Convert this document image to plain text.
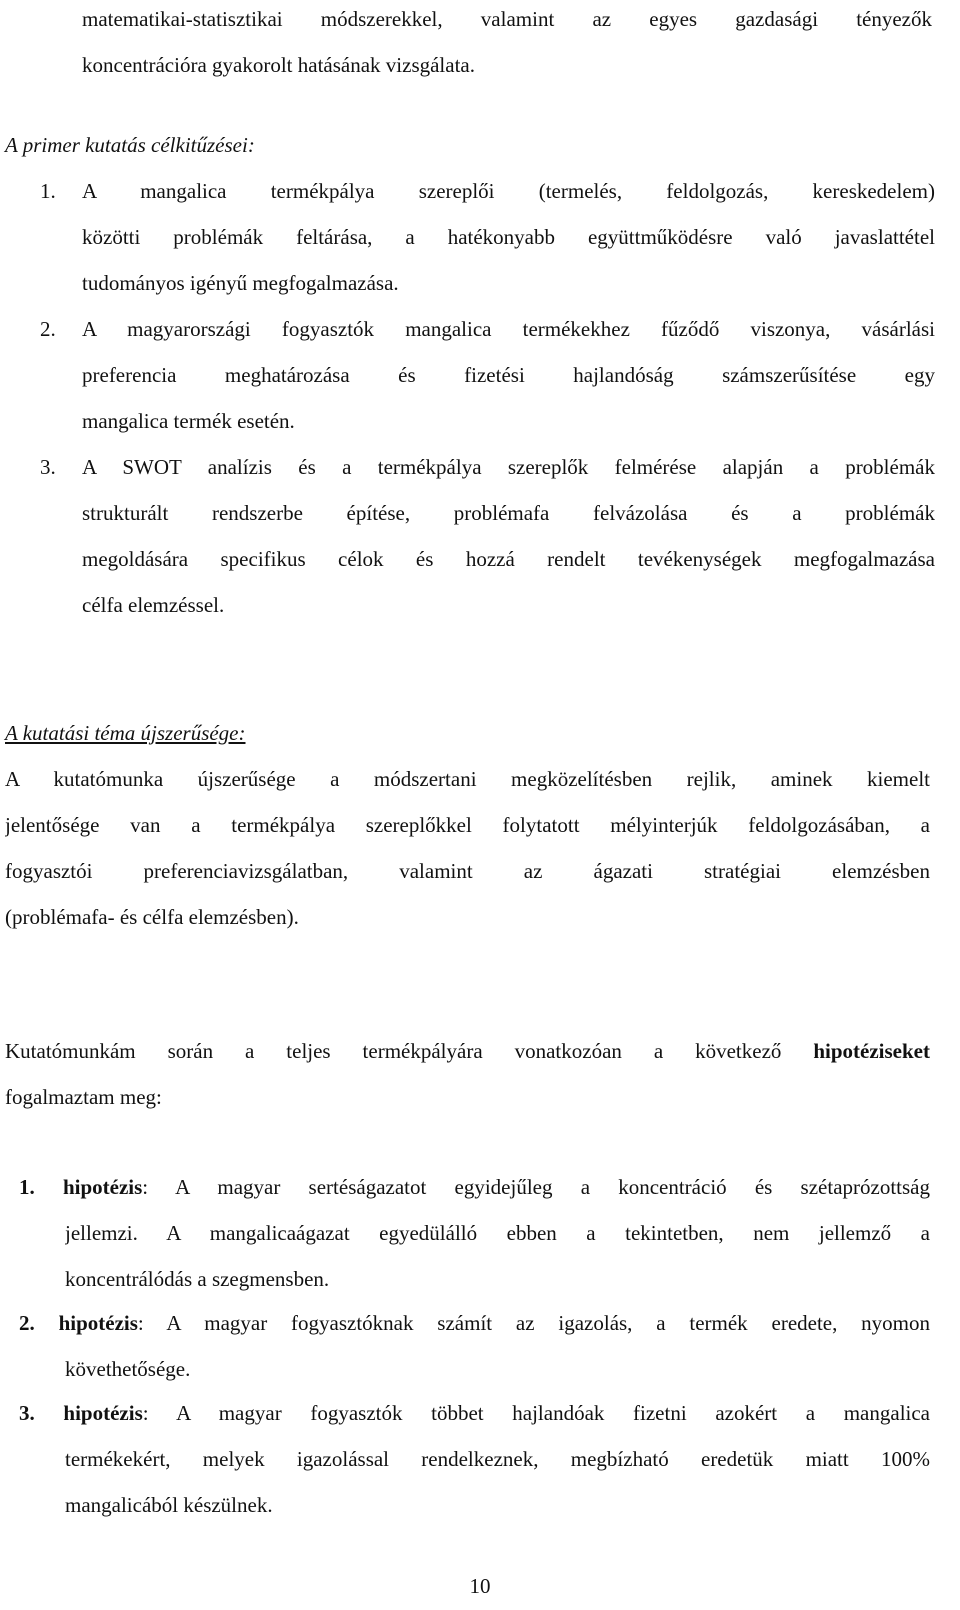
matematikai-statisztikai módszerekkel, valamint az egyes gazdasági tényezők
koncentrációra gyakorolt hatásának vizsgálata.
A primer kutatás célkitűzései:
1. A mangalica termékpálya szereplői (termelés, feldolgozás, kereskedelem)
közötti problémák feltárása, a hatékonyabb együttműködésre való javaslattétel
tudományos igényű megfogalmazása.
2. A magyarországi fogyasztók mangalica termékekhez fűződő viszonya, vásárlási
preferencia meghatározása és fizetési hajlandóság számszerűsítése egy
mangalica termék esetén.
3. A SWOT analízis és a termékpálya szereplők felmérése alapján a problémák
strukturált rendszerbe építése, problémafa felvázolása és a problémák
megoldására specifikus célok és hozzá rendelt tevékenységek megfogalmazása
célfa elemzéssel.
A kutatási téma újszerűsége:
A kutatómunka újszerűsége a módszertani megközelítésben rejlik, aminek kiemelt
jelentősége van a termékpálya szereplőkkel folytatott mélyinterjúk feldolgozásában, a
fogyasztói preferenciavizsgálatban, valamint az ágazati stratégiai elemzésben
(problémafa- és célfa elemzésben).
Kutatómunkám során a teljes termékpályára vonatkozóan a következő hipotéziseket
fogalmaztam meg:
1. hipotézis: A magyar sertéságazatot egyidejűleg a koncentráció és szétaprózottság
jellemzi. A mangalicaágazat egyedülálló ebben a tekintetben, nem jellemző a
koncentrálódás a szegmensben.
2. hipotézis: A magyar fogyasztóknak számít az igazolás, a termék eredete, nyomon
követhetősége.
3. hipotézis: A magyar fogyasztók többet hajlandóak fizetni azokért a mangalica
termékekért, melyek igazolással rendelkeznek, megbízható eredetük miatt 100%
mangalicából készülnek.
10
